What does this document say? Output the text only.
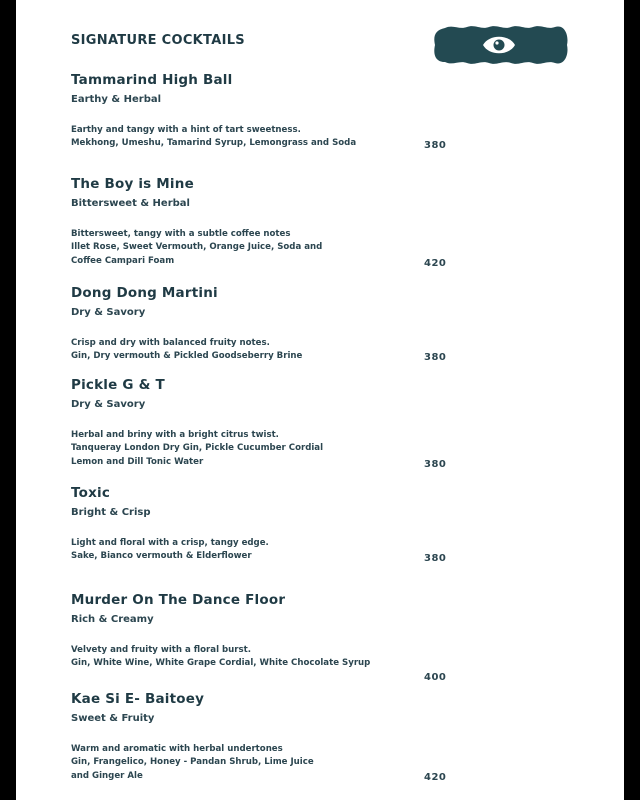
SIGNATURE COCKTAILS
Tammarind High Ball
Earthy & Herbal
Earthy and tangy with a hint of tart sweetness.
Mekhong, Umeshu, Tamarind Syrup, Lemongrass and Soda
The Boy is Mine
Bittersweet & Herbal
Bittersweet, tangy with a subtle coffee notes
Illet Rose, Sweet Vermouth, Orange Juice, Soda and
Coffee Campari Foam
Dong Dong Martini
Dry & Savory
Crisp and dry with balanced fruity notes.
Gin, Dry vermouth & Pickled Goodseberry Brine
Pickle G & T
Dry & Savory
Herbal and briny with a bright citrus twist.
Tanqueray London Dry Gin, Pickle Cucumber Cordial
Lemon and Dill Tonic Water
Toxic
Bright & Crisp
Light and floral with a crisp, tangy edge.
Sake, Bianco vermouth & Elderflower
Murder On The Dance Floor
Rich & Creamy
Velvety and fruity with a floral burst.
Gin, White Wine, White Grape Cordial, White Chocolate Syrup
Kae Si E- Baitoey
Sweet & Fruity
Warm and aromatic with herbal undertones
Gin, Frangelico, Honey - Pandan Shrub, Lime Juice
and Ginger Ale
380
420
380
380
380
400
420
